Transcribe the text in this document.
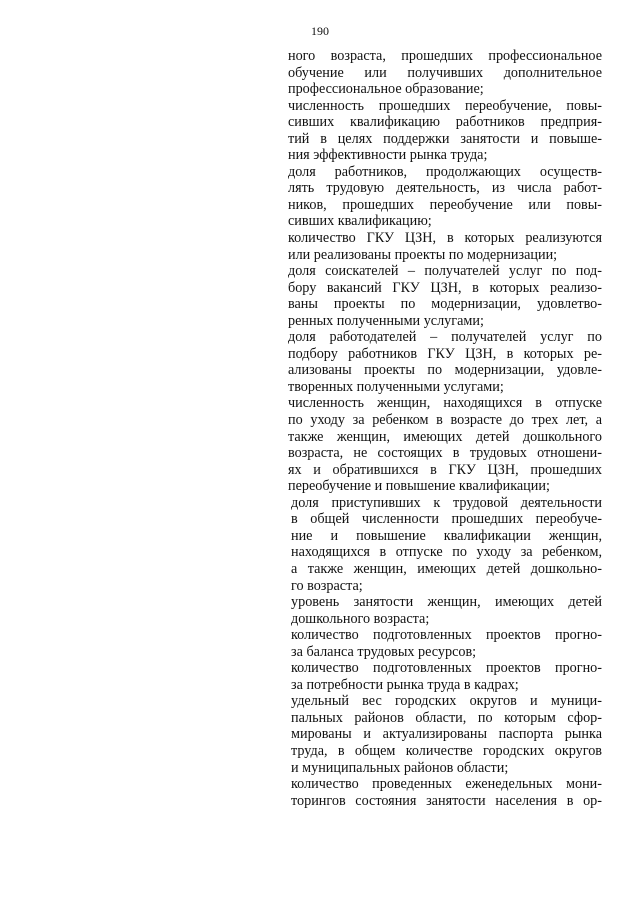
190
ного возраста, прошедших профессиональное
обучение или получивших дополнительное
профессиональное образование;
численность прошедших переобучение, повы-
сивших квалификацию работников предприя-
тий в целях поддержки занятости и повыше-
ния эффективности рынка труда;
доля работников, продолжающих осуществ-
лять трудовую деятельность, из числа работ-
ников, прошедших переобучение или повы-
сивших квалификацию;
количество ГКУ ЦЗН, в которых реализуются
или реализованы проекты по модернизации;
доля соискателей – получателей услуг по под-
бору вакансий ГКУ ЦЗН, в которых реализо-
ваны проекты по модернизации, удовлетво-
ренных полученными услугами;
доля работодателей – получателей услуг по
подбору работников ГКУ ЦЗН, в которых ре-
ализованы проекты по модернизации, удовле-
творенных полученными услугами;
численность женщин, находящихся в отпуске
по уходу за ребенком в возрасте до трех лет, а
также женщин, имеющих детей дошкольного
возраста, не состоящих в трудовых отношени-
ях и обратившихся в ГКУ ЦЗН, прошедших
переобучение и повышение квалификации;
доля приступивших к трудовой деятельности
в общей численности прошедших переобуче-
ние и повышение квалификации женщин,
находящихся в отпуске по уходу за ребенком,
а также женщин, имеющих детей дошкольно-
го возраста;
уровень занятости женщин, имеющих детей
дошкольного возраста;
количество подготовленных проектов прогно-
за баланса трудовых ресурсов;
количество подготовленных проектов прогно-
за потребности рынка труда в кадрах;
удельный вес городских округов и муници-
пальных районов области, по которым сфор-
мированы и актуализированы паспорта рынка
труда, в общем количестве городских округов
и муниципальных районов области;
количество проведенных еженедельных мони-
торингов состояния занятости населения в ор-
